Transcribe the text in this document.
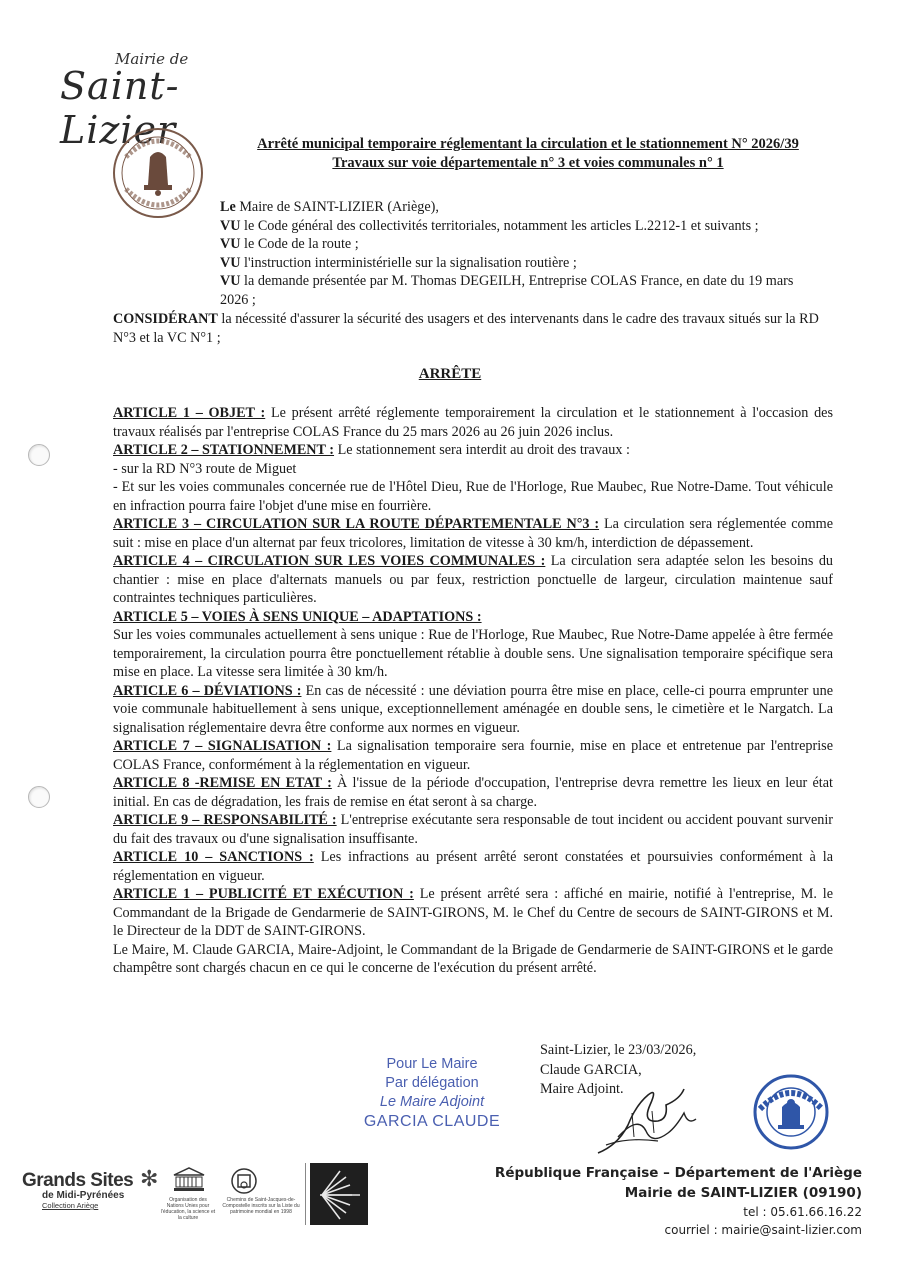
Mairie de
Saint-Lizier	Arrêté municipal temporaire réglementant la circulation et le stationnement N° 2026/39
Travaux sur voie départementale n° 3 et voies communales n° 1

Le Maire de SAINT-LIZIER (Ariège),

VU le Code général des collectivités territoriales, notamment les articles L.2212-1 et suivants ;

VU le Code de la route ;

VU l'instruction interministérielle sur la signalisation routière ;

VU la demande présentée par M. Thomas DEGEILH, Entreprise COLAS France, en date du 19 mars 2026 ;

CONSIDÉRANT la nécessité d'assurer la sécurité des usagers et des intervenants dans le cadre des travaux situés sur la RD N°3 et la VC N°1 ;

ARRÊTE

ARTICLE 1 – OBJET : Le présent arrêté réglemente temporairement la circulation et le stationnement à l'occasion des travaux réalisés par l'entreprise COLAS France du 25 mars 2026 au 26 juin 2026 inclus.

ARTICLE 2 – STATIONNEMENT : Le stationnement sera interdit au droit des travaux :

- sur la RD N°3 route de Miguet

- Et sur les voies communales concernée rue de l'Hôtel Dieu, Rue de l'Horloge, Rue Maubec, Rue Notre-Dame. Tout véhicule en infraction pourra faire l'objet d'une mise en fourrière.

ARTICLE 3 – CIRCULATION SUR LA ROUTE DÉPARTEMENTALE N°3 : La circulation sera réglementée comme suit : mise en place d'un alternat par feux tricolores, limitation de vitesse à 30 km/h, interdiction de dépassement.

ARTICLE 4 – CIRCULATION SUR LES VOIES COMMUNALES : La circulation sera adaptée selon les besoins du chantier : mise en place d'alternats manuels ou par feux, restriction ponctuelle de largeur, circulation maintenue sauf contraintes techniques particulières.

ARTICLE 5 – VOIES À SENS UNIQUE – ADAPTATIONS :

Sur les voies communales actuellement à sens unique : Rue de l'Horloge, Rue Maubec, Rue Notre-Dame appelée à être fermée temporairement, la circulation pourra être ponctuellement rétablie à double sens. Une signalisation temporaire spécifique sera mise en place. La vitesse sera limitée à 30 km/h.

ARTICLE 6 – DÉVIATIONS : En cas de nécessité : une déviation pourra être mise en place, celle-ci pourra emprunter une voie communale habituellement à sens unique, exceptionnellement aménagée en double sens, le cimetière et le Nargatch. La signalisation réglementaire devra être conforme aux normes en vigueur.

ARTICLE 7 – SIGNALISATION : La signalisation temporaire sera fournie, mise en place et entretenue par l'entreprise COLAS France, conformément à la réglementation en vigueur.

ARTICLE 8 -REMISE EN ETAT : À l'issue de la période d'occupation, l'entreprise devra remettre les lieux en leur état initial. En cas de dégradation, les frais de remise en état seront à sa charge.

ARTICLE 9 – RESPONSABILITÉ : L'entreprise exécutante sera responsable de tout incident ou accident pouvant survenir du fait des travaux ou d'une signalisation insuffisante.

ARTICLE 10 – SANCTIONS : Les infractions au présent arrêté seront constatées et poursuivies conformément à la réglementation en vigueur.

ARTICLE 1 – PUBLICITÉ ET EXÉCUTION : Le présent arrêté sera : affiché en mairie, notifié à l'entreprise, M. le Commandant de la Brigade de Gendarmerie de SAINT-GIRONS, M. le Chef du Centre de secours de SAINT-GIRONS et M. le Directeur de la DDT de SAINT-GIRONS.

Le Maire, M. Claude GARCIA, Maire-Adjoint, le Commandant de la Brigade de Gendarmerie de SAINT-GIRONS et le garde champêtre sont chargés chacun en ce qui le concerne de l'exécution du présent arrêté.

Pour Le Maire
Par délégation
Le Maire Adjoint
GARCIA CLAUDE
Saint-Lizier, le 23/03/2026,
Claude GARCIA,
Maire Adjoint.
République Française – Département de l'Ariège
Mairie de SAINT-LIZIER (09190)
tel : 05.61.66.16.22
courriel : mairie@saint-lizier.com
✻
Grands Sites
de Midi-Pyrénées
Collection Ariège
Organisation des Nations Unies pour l'éducation, la science et la culture
Chemins de Saint-Jacques-de-Compostelle inscrits sur la Liste du patrimoine mondial en 1998
